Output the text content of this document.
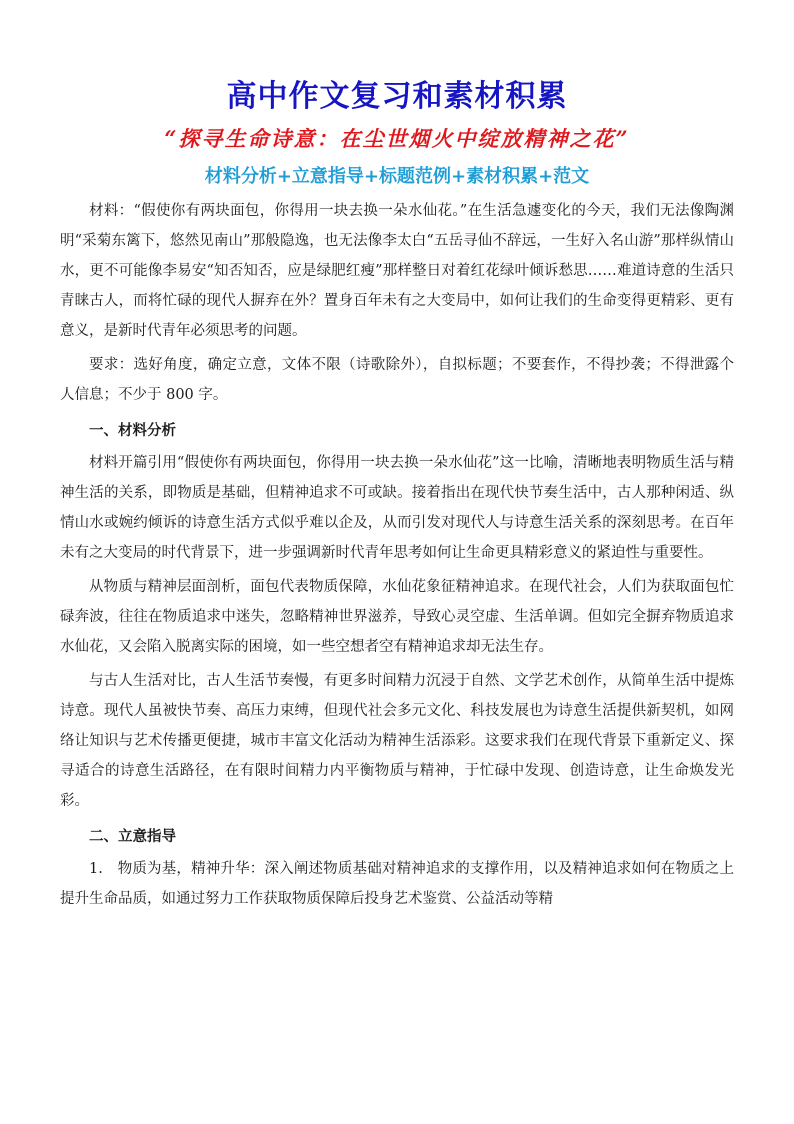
高中作文复习和素材积累
“探寻生命诗意：在尘世烟火中绽放精神之花”
材料分析+立意指导+标题范例+素材积累+范文

材料：“假使你有两块面包，你得用一块去换一朵水仙花。”在生活急遽变化的今天，我们无法像陶渊明“采菊东篱下，悠然见南山”那般隐逸，也无法像李太白“五岳寻仙不辞远，一生好入名山游”那样纵情山水，更不可能像李易安“知否知否，应是绿肥红瘦”那样整日对着红花绿叶倾诉愁思……难道诗意的生活只青睐古人，而将忙碌的现代人摒弃在外？置身百年未有之大变局中，如何让我们的生命变得更精彩、更有意义，是新时代青年必须思考的问题。

要求：选好角度，确定立意，文体不限（诗歌除外），自拟标题；不要套作，不得抄袭；不得泄露个人信息；不少于 800 字。

一、材料分析

材料开篇引用“假使你有两块面包，你得用一块去换一朵水仙花”这一比喻，清晰地表明物质生活与精神生活的关系，即物质是基础，但精神追求不可或缺。接着指出在现代快节奏生活中，古人那种闲适、纵情山水或婉约倾诉的诗意生活方式似乎难以企及，从而引发对现代人与诗意生活关系的深刻思考。在百年未有之大变局的时代背景下，进一步强调新时代青年思考如何让生命更具精彩意义的紧迫性与重要性。

从物质与精神层面剖析，面包代表物质保障，水仙花象征精神追求。在现代社会，人们为获取面包忙碌奔波，往往在物质追求中迷失，忽略精神世界滋养，导致心灵空虚、生活单调。但如完全摒弃物质追求水仙花，又会陷入脱离实际的困境，如一些空想者空有精神追求却无法生存。

与古人生活对比，古人生活节奏慢，有更多时间精力沉浸于自然、文学艺术创作，从简单生活中提炼诗意。现代人虽被快节奏、高压力束缚，但现代社会多元文化、科技发展也为诗意生活提供新契机，如网络让知识与艺术传播更便捷，城市丰富文化活动为精神生活添彩。这要求我们在现代背景下重新定义、探寻适合的诗意生活路径，在有限时间精力内平衡物质与精神，于忙碌中发现、创造诗意，让生命焕发光彩。

二、立意指导

1.　物质为基，精神升华：深入阐述物质基础对精神追求的支撑作用，以及精神追求如何在物质之上提升生命品质，如通过努力工作获取物质保障后投身艺术鉴赏、公益活动等精
